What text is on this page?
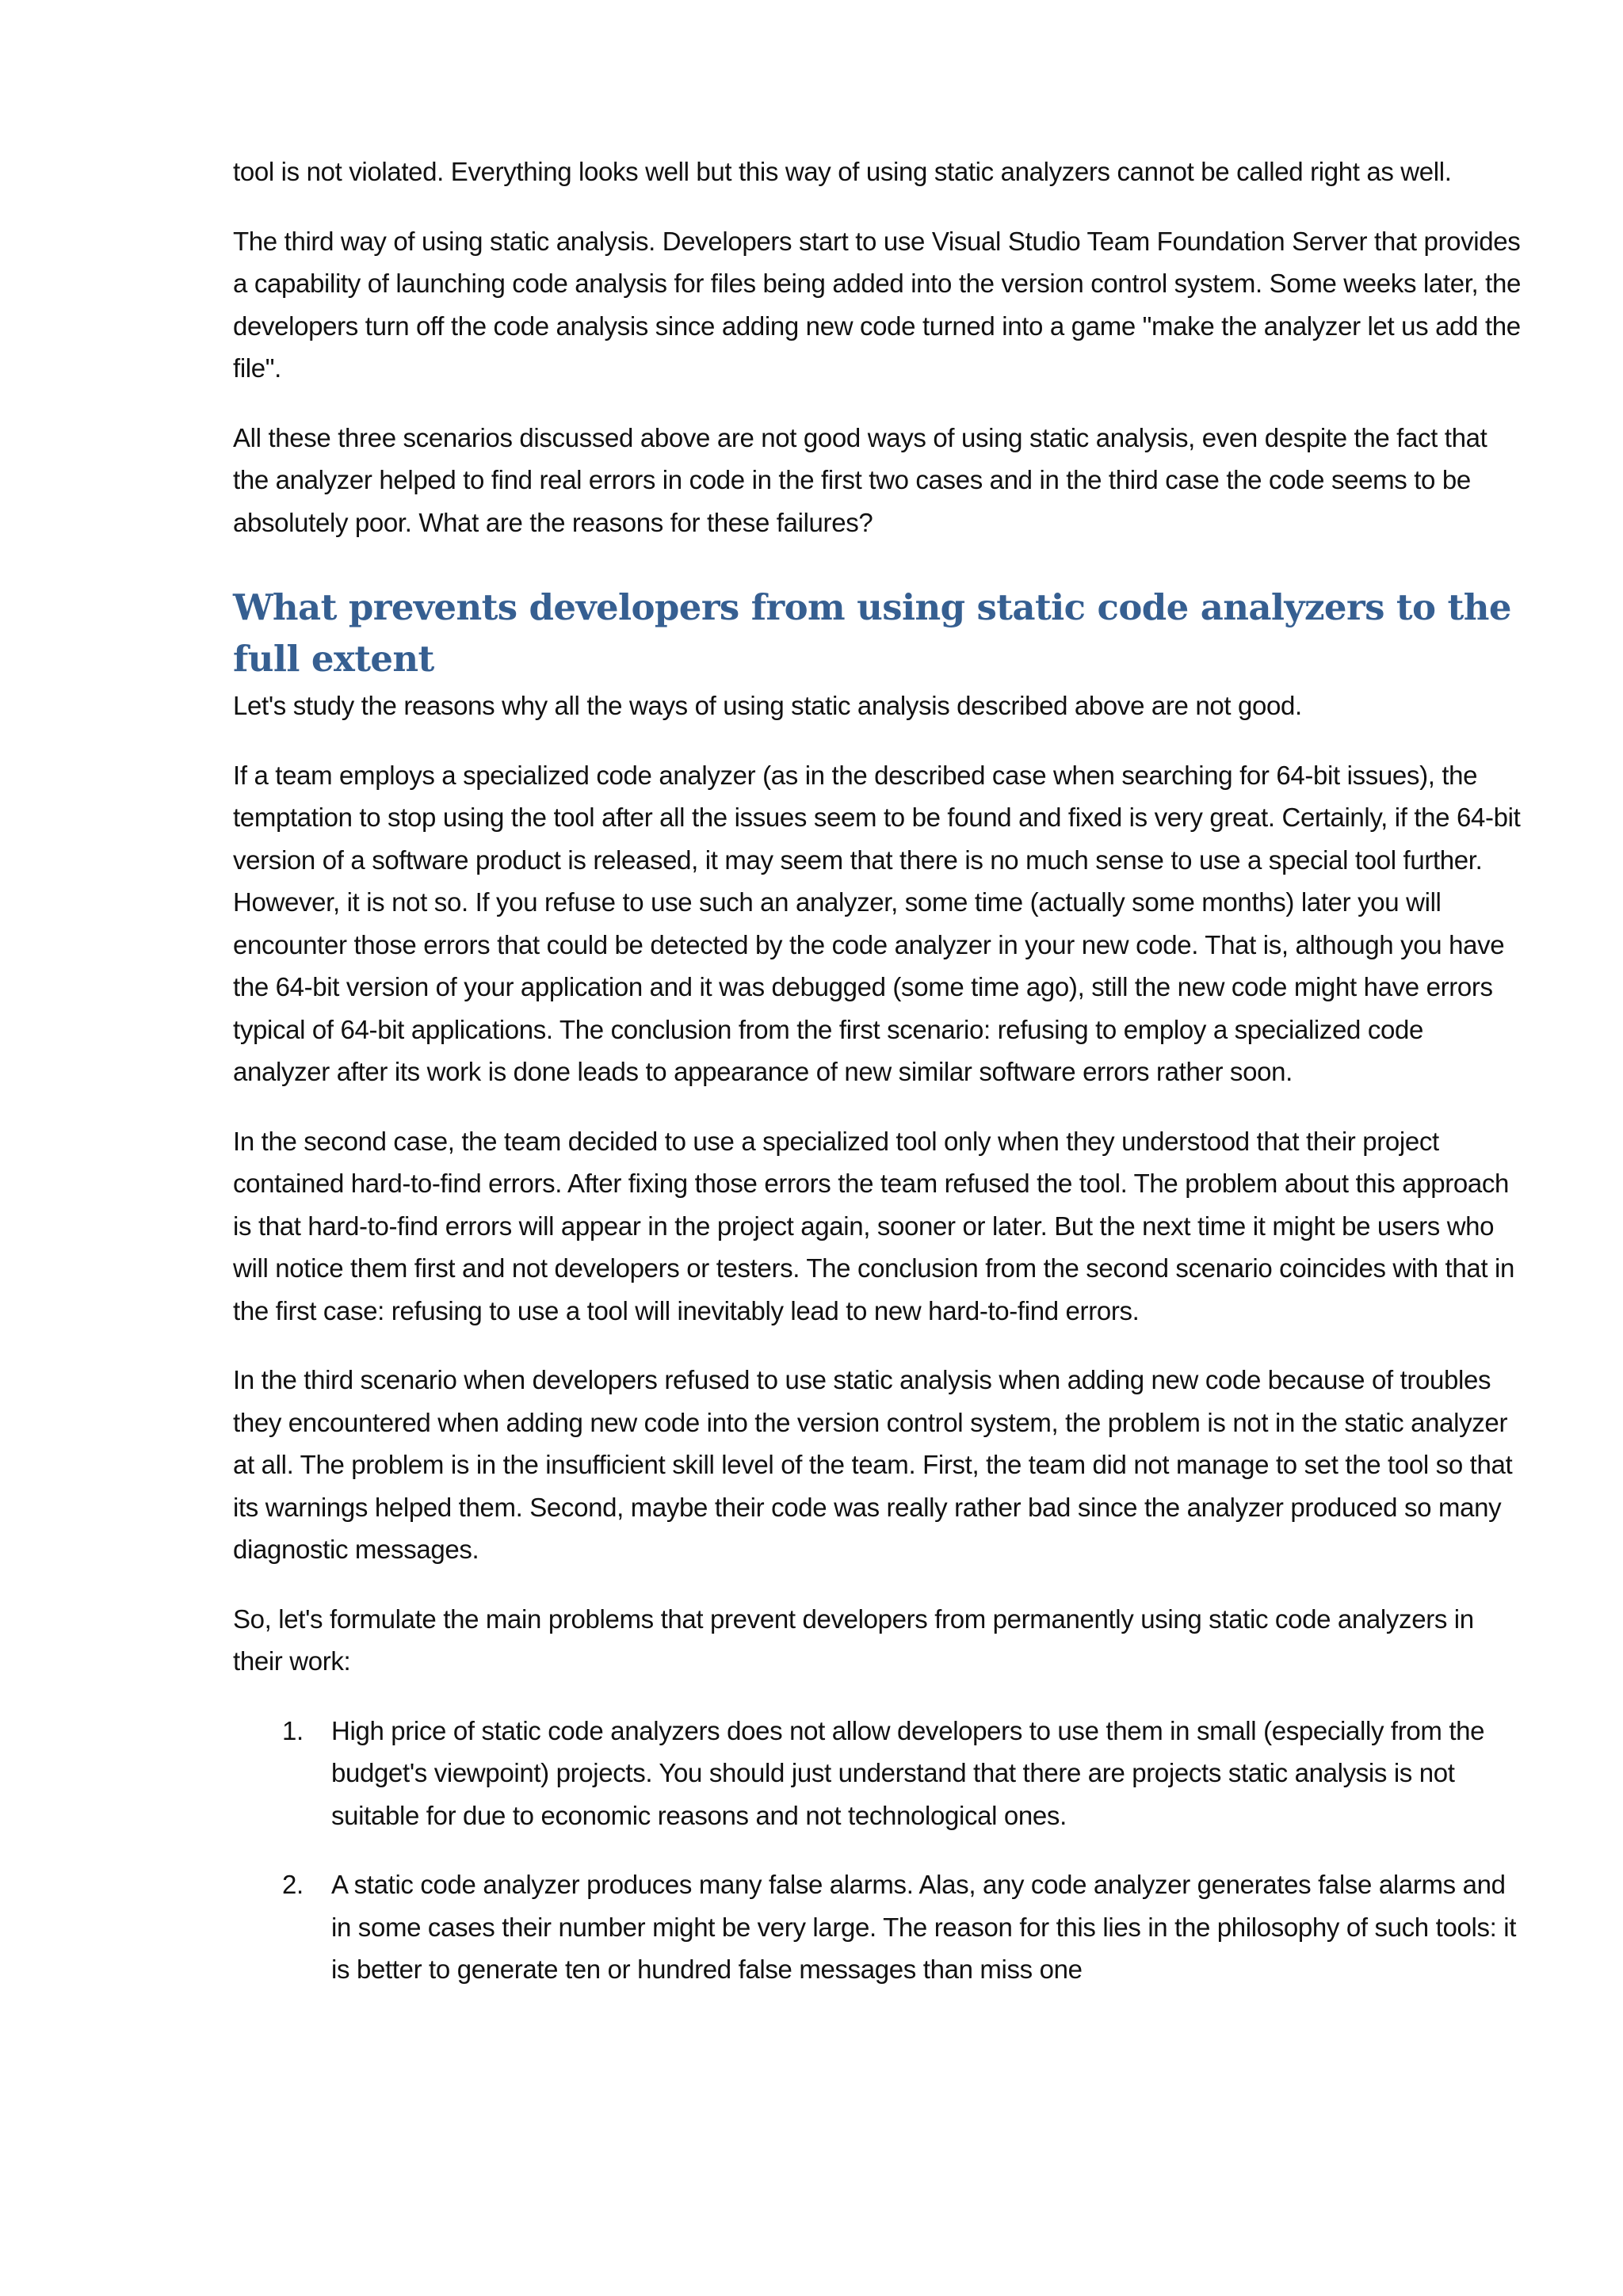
tool is not violated. Everything looks well but this way of using static analyzers cannot be called right as well.

The third way of using static analysis. Developers start to use Visual Studio Team Foundation Server that provides a capability of launching code analysis for files being added into the version control system. Some weeks later, the developers turn off the code analysis since adding new code turned into a game "make the analyzer let us add the file".

All these three scenarios discussed above are not good ways of using static analysis, even despite the fact that the analyzer helped to find real errors in code in the first two cases and in the third case the code seems to be absolutely poor. What are the reasons for these failures?

What prevents developers from using static code analyzers to the full extent

Let's study the reasons why all the ways of using static analysis described above are not good.

If a team employs a specialized code analyzer (as in the described case when searching for 64-bit issues), the temptation to stop using the tool after all the issues seem to be found and fixed is very great. Certainly, if the 64-bit version of a software product is released, it may seem that there is no much sense to use a special tool further. However, it is not so. If you refuse to use such an analyzer, some time (actually some months) later you will encounter those errors that could be detected by the code analyzer in your new code. That is, although you have the 64-bit version of your application and it was debugged (some time ago), still the new code might have errors typical of 64-bit applications. The conclusion from the first scenario: refusing to employ a specialized code analyzer after its work is done leads to appearance of new similar software errors rather soon.

In the second case, the team decided to use a specialized tool only when they understood that their project contained hard-to-find errors. After fixing those errors the team refused the tool. The problem about this approach is that hard-to-find errors will appear in the project again, sooner or later. But the next time it might be users who will notice them first and not developers or testers. The conclusion from the second scenario coincides with that in the first case: refusing to use a tool will inevitably lead to new hard-to-find errors.

In the third scenario when developers refused to use static analysis when adding new code because of troubles they encountered when adding new code into the version control system, the problem is not in the static analyzer at all. The problem is in the insufficient skill level of the team. First, the team did not manage to set the tool so that its warnings helped them. Second, maybe their code was really rather bad since the analyzer produced so many diagnostic messages.

So, let's formulate the main problems that prevent developers from permanently using static code analyzers in their work:

1. High price of static code analyzers does not allow developers to use them in small (especially from the budget's viewpoint) projects. You should just understand that there are projects static analysis is not suitable for due to economic reasons and not technological ones.
2. A static code analyzer produces many false alarms. Alas, any code analyzer generates false alarms and in some cases their number might be very large. The reason for this lies in the philosophy of such tools: it is better to generate ten or hundred false messages than miss one
